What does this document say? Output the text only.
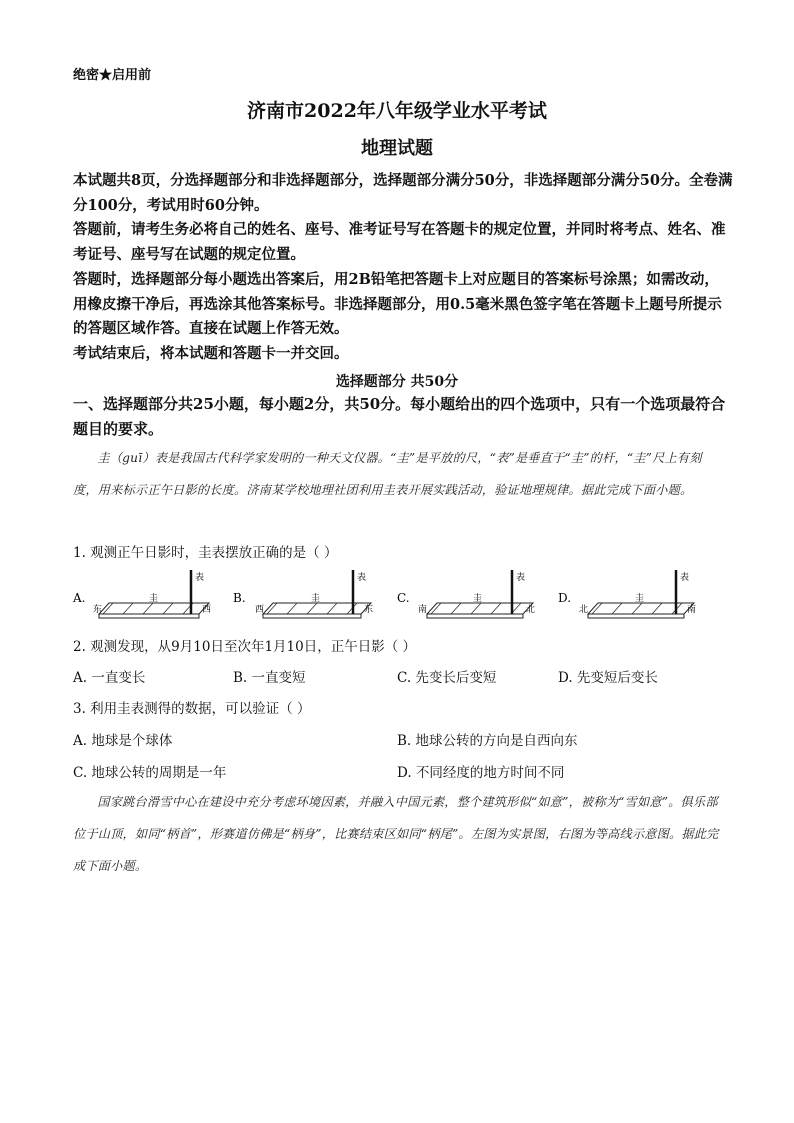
绝密★启用前
济南市2022年八年级学业水平考试
地理试题

本试题共8页，分选择题部分和非选择题部分，选择题部分满分50分，非选择题部分满分50分。全卷满分100分，考试用时60分钟。

答题前，请考生务必将自己的姓名、座号、准考证号写在答题卡的规定位置，并同时将考点、姓名、准考证号、座号写在试题的规定位置。

答题时，选择题部分每小题选出答案后，用2B铅笔把答题卡上对应题目的答案标号涂黑；如需改动，用橡皮擦干净后，再选涂其他答案标号。非选择题部分，用0.5毫米黑色签字笔在答题卡上题号所提示的答题区域作答。直接在试题上作答无效。

考试结束后，将本试题和答题卡一并交回。

选择题部分 共50分

一、选择题部分共25小题，每小题2分，共50分。每小题给出的四个选项中，只有一个选项最符合题目的要求。

圭（guī）表是我国古代科学家发明的一种天文仪器。“圭”是平放的尺，“表”是垂直于“圭”的杆，“圭”尺上有刻度，用来标示正午日影的长度。济南某学校地理社团利用圭表开展实践活动，验证地理规律。据此完成下面小题。

1. 观测正午日影时，圭表摆放正确的是（ ）
A.
表
圭
东	西
B.
表
圭
西	东
C.
表
圭
南	北
D.
表
圭
北	南
2. 观测发现，从9月10日至次年1月10日，正午日影（ ）
A. 一直变长	B. 一直变短	C. 先变长后变短	D. 先变短后变长
3. 利用圭表测得的数据，可以验证（ ）
A. 地球是个球体	B. 地球公转的方向是自西向东
C. 地球公转的周期是一年	D. 不同经度的地方时间不同

国家跳台滑雪中心在建设中充分考虑环境因素，并融入中国元素，整个建筑形似“如意”，被称为“雪如意”。俱乐部位于山顶，如同“柄首”，形赛道仿佛是“柄身”，比赛结束区如同“柄尾”。左图为实景图，右图为等高线示意图。据此完成下面小题。
